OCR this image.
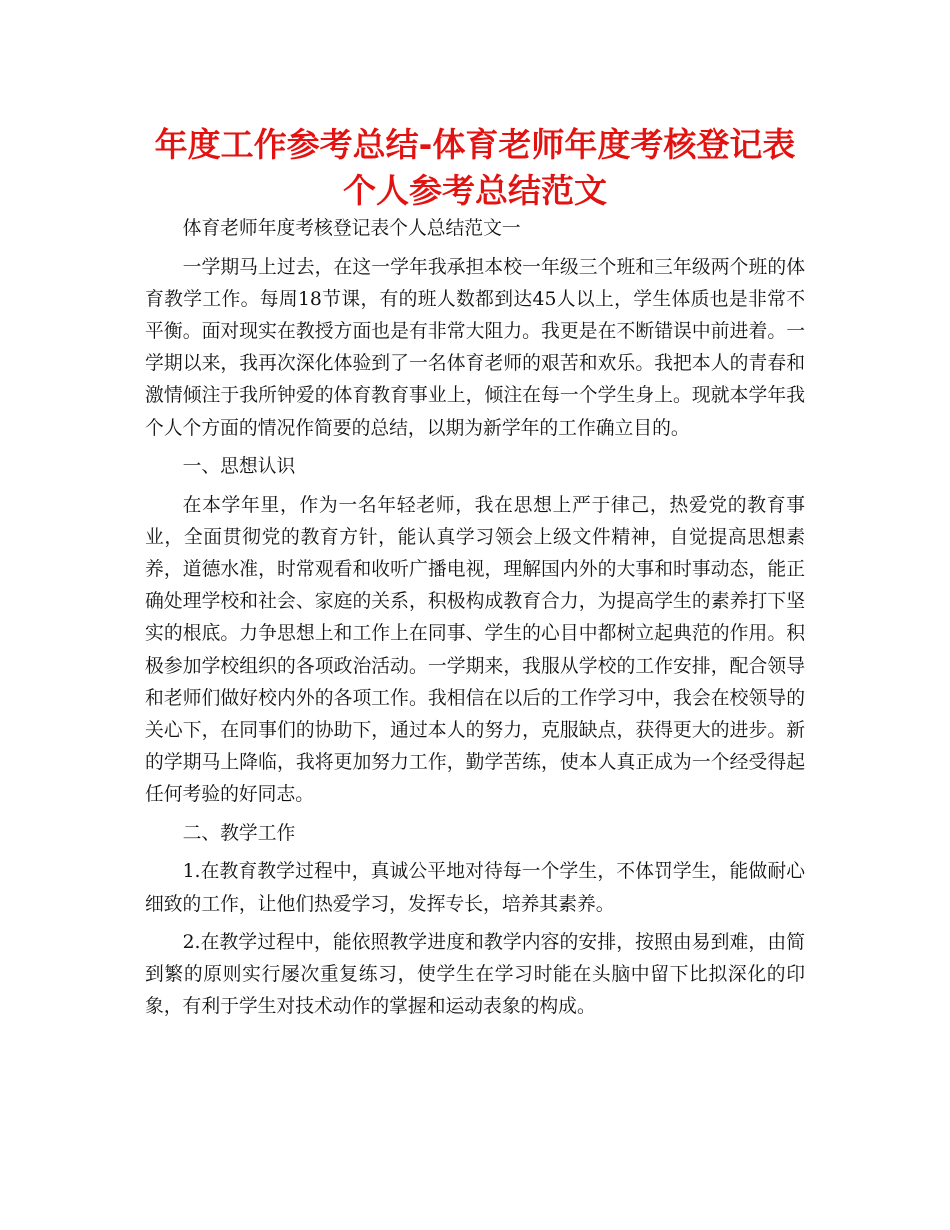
年度工作参考总结-体育老师年度考核登记表个人参考总结范文

体育老师年度考核登记表个人总结范文一

一学期马上过去，在这一学年我承担本校一年级三个班和三年级两个班的体育教学工作。每周18节课，有的班人数都到达45人以上，学生体质也是非常不平衡。面对现实在教授方面也是有非常大阻力。我更是在不断错误中前进着。一学期以来，我再次深化体验到了一名体育老师的艰苦和欢乐。我把本人的青春和激情倾注于我所钟爱的体育教育事业上，倾注在每一个学生身上。现就本学年我个人个方面的情况作简要的总结，以期为新学年的工作确立目的。

一、思想认识

在本学年里，作为一名年轻老师，我在思想上严于律己，热爱党的教育事业，全面贯彻党的教育方针，能认真学习领会上级文件精神，自觉提高思想素养，道德水准，时常观看和收听广播电视，理解国内外的大事和时事动态，能正确处理学校和社会、家庭的关系，积极构成教育合力，为提高学生的素养打下坚实的根底。力争思想上和工作上在同事、学生的心目中都树立起典范的作用。积极参加学校组织的各项政治活动。一学期来，我服从学校的工作安排，配合领导和老师们做好校内外的各项工作。我相信在以后的工作学习中，我会在校领导的关心下，在同事们的协助下，通过本人的努力，克服缺点，获得更大的进步。新的学期马上降临，我将更加努力工作，勤学苦练，使本人真正成为一个经受得起任何考验的好同志。

二、教学工作

1.在教育教学过程中，真诚公平地对待每一个学生，不体罚学生，能做耐心细致的工作，让他们热爱学习，发挥专长，培养其素养。

2.在教学过程中，能依照教学进度和教学内容的安排，按照由易到难，由简到繁的原则实行屡次重复练习，使学生在学习时能在头脑中留下比拟深化的印象，有利于学生对技术动作的掌握和运动表象的构成。
